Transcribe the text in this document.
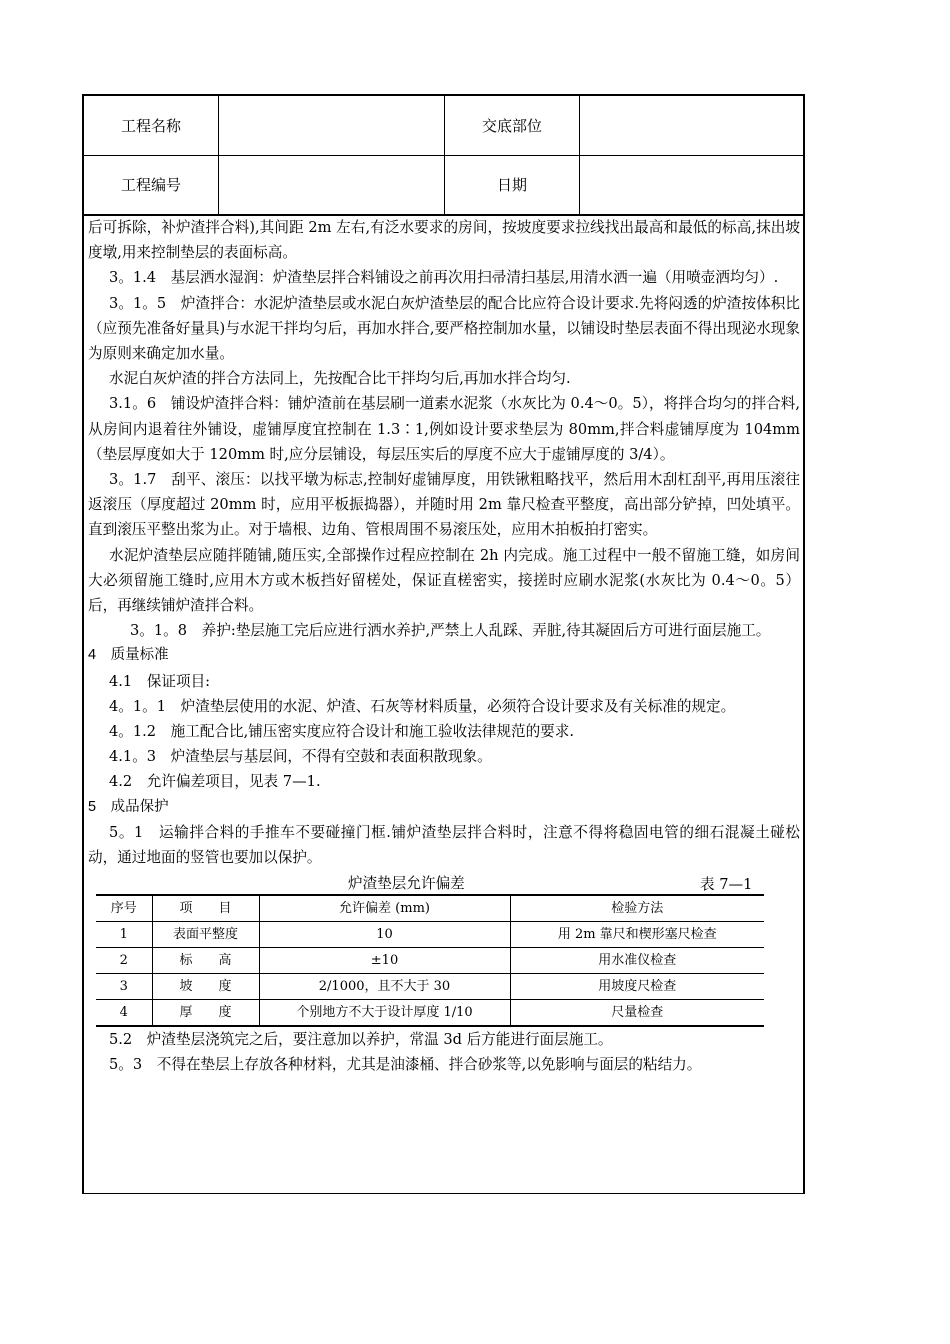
工程名称	交底部位
工程编号	日期

后可拆除，补炉渣拌合料),其间距 2m 左右,有泛水要求的房间，按坡度要求拉线找出最高和最低的标高,抹出坡度墩,用来控制垫层的表面标高。

3。1.4　基层洒水湿润：炉渣垫层拌合料铺设之前再次用扫帚清扫基层,用清水洒一遍（用喷壶洒均匀）.

3。1。5　炉渣拌合：水泥炉渣垫层或水泥白灰炉渣垫层的配合比应符合设计要求.先将闷透的炉渣按体积比（应预先准备好量具)与水泥干拌均匀后，再加水拌合,要严格控制加水量，以铺设时垫层表面不得出现泌水现象为原则来确定加水量。

水泥白灰炉渣的拌合方法同上，先按配合比干拌均匀后,再加水拌合均匀.

3.1。6　铺设炉渣拌合料：铺炉渣前在基层刷一道素水泥浆（水灰比为 0.4～0。5），将拌合均匀的拌合料,从房间内退着往外铺设，虚铺厚度宜控制在 1.3∶1,例如设计要求垫层为 80mm,拌合料虚铺厚度为 104mm（垫层厚度如大于 120mm 时,应分层铺设，每层压实后的厚度不应大于虚铺厚度的 3/4）。

3。1.7　刮平、滚压：以找平墩为标志,控制好虚铺厚度，用铁锹粗略找平，然后用木刮杠刮平,再用压滚往返滚压（厚度超过 20mm 时，应用平板振捣器），并随时用 2m 靠尺检查平整度，高出部分铲掉，凹处填平。直到滚压平整出浆为止。对于墙根、边角、管根周围不易滚压处，应用木拍板拍打密实。

水泥炉渣垫层应随拌随铺,随压实,全部操作过程应控制在 2h 内完成。施工过程中一般不留施工缝，如房间大必须留施工缝时,应用木方或木板挡好留槎处，保证直槎密实，接搓时应刷水泥浆(水灰比为 0.4～0。5）后，再继续铺炉渣拌合料。

3。1。8　养护:垫层施工完后应进行洒水养护,严禁上人乱踩、弄脏,待其凝固后方可进行面层施工。

4　质量标准

4.1　保证项目:

4。1。1　炉渣垫层使用的水泥、炉渣、石灰等材料质量，必须符合设计要求及有关标准的规定。

4。1.2　施工配合比,铺压密实度应符合设计和施工验收法律规范的要求.

4.1。3　炉渣垫层与基层间，不得有空鼓和表面积散现象。

4.2　允许偏差项目，见表 7—1.

5　成品保护

5。1　运输拌合料的手推车不要碰撞门框.铺炉渣垫层拌合料时，注意不得将稳固电管的细石混凝土碰松动，通过地面的竖管也要加以保护。

炉渣垫层允许偏差	表 7—1
序号	项　　目	允许偏差 (mm)	检验方法
1	表面平整度	10	用 2m 靠尺和楔形塞尺检查
2	标　　高	±10	用水准仪检查
3	坡　　度	2/1000，且不大于 30	用坡度尺检查
4	厚　　度	个别地方不大于设计厚度 1/10	尺量检查

5.2　炉渣垫层浇筑完之后，要注意加以养护，常温 3d 后方能进行面层施工。

5。3　不得在垫层上存放各种材料，尤其是油漆桶、拌合砂浆等,以免影响与面层的粘结力。
